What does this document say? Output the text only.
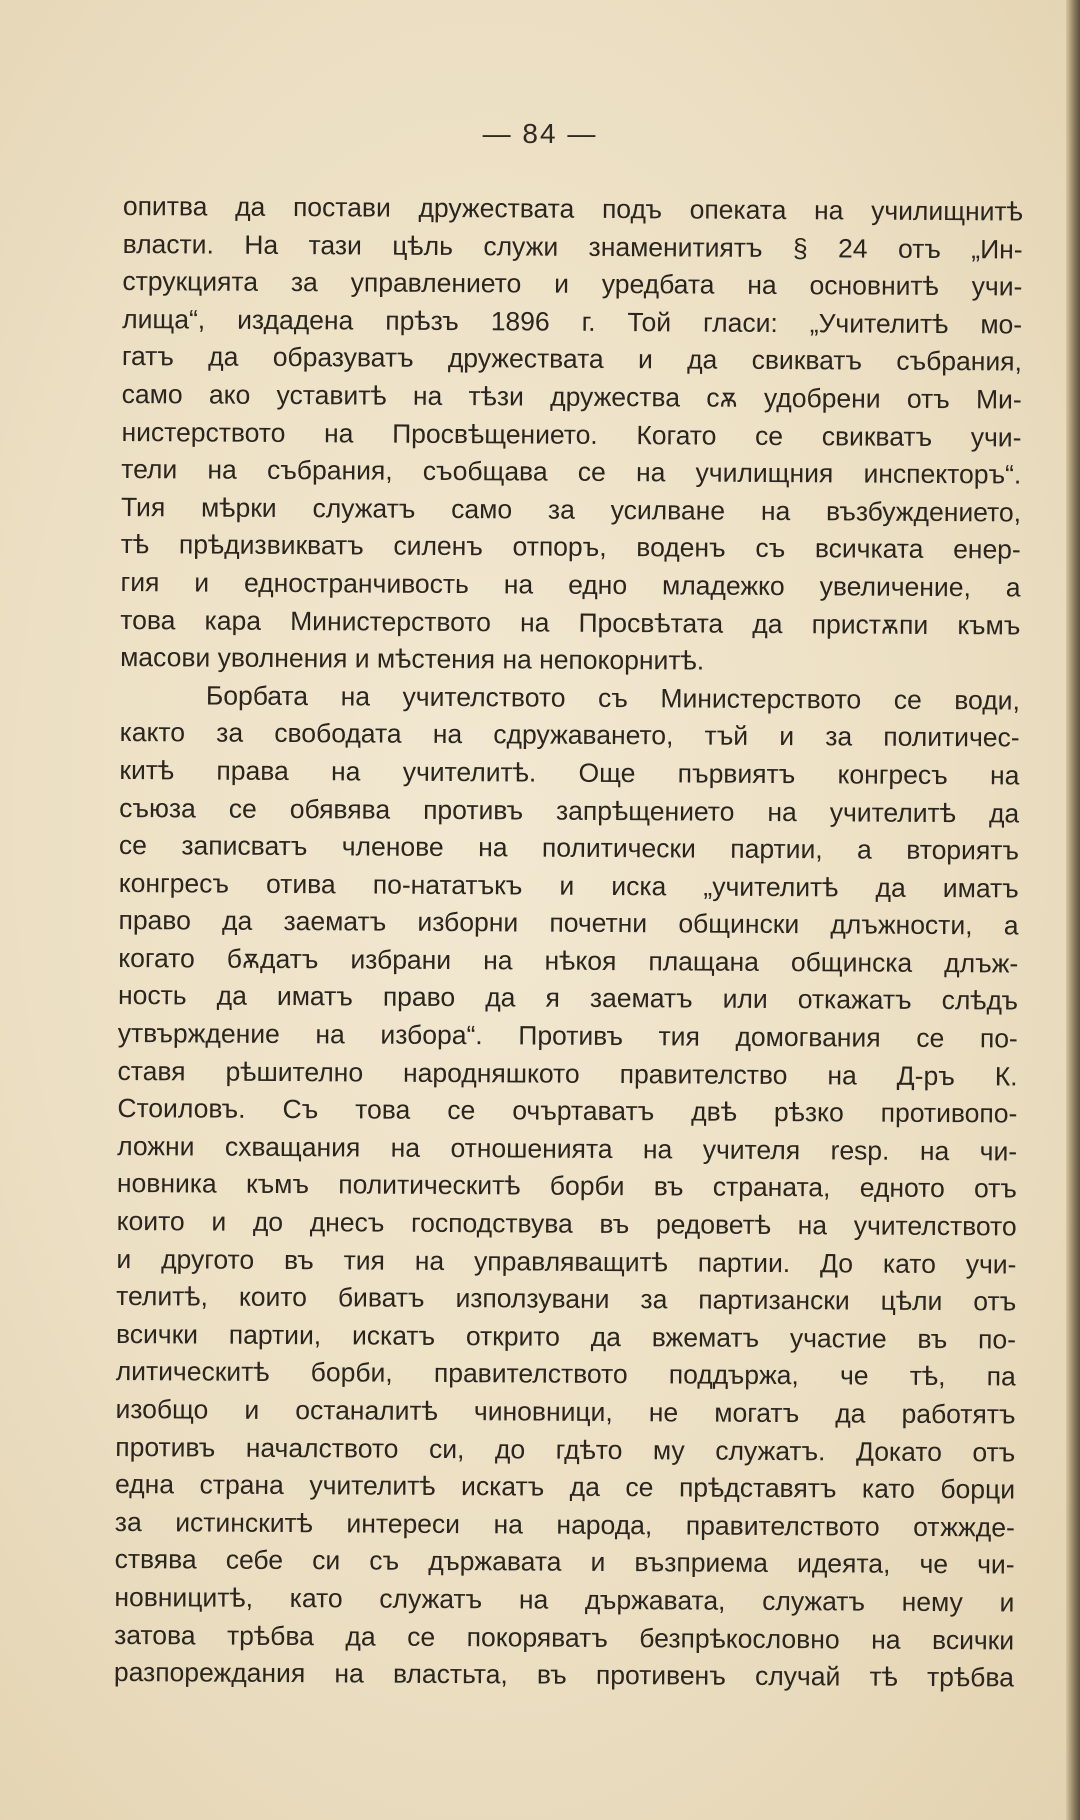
— 84 —
опитва да постави дружествата подъ опеката на училищнитѣ
власти. На тази цѣль служи знаменитиятъ § 24 отъ „Ин-
струкцията за управлението и уредбата на основнитѣ учи-
лища“, издадена прѣзъ 1896 г. Той гласи: „Учителитѣ мо-
гатъ да образуватъ дружествата и да свикватъ събрания,
само ако уставитѣ на тѣзи дружества сѫ удобрени отъ Ми-
нистерството на Просвѣщението. Когато се свикватъ учи-
тели на събрания, съобщава се на училищния инспекторъ“.
Тия мѣрки служатъ само за усилване на възбуждението,
тѣ прѣдизвикватъ силенъ отпоръ, воденъ съ всичката енер-
гия и еднострaнчивость на едно младежко увеличение, а
това кара Министерството на Просвѣтата да пристѫпи къмъ
масови уволнения и мѣстения на непокорнитѣ.
Борбата на учителството съ Министерството се води,
както за свободата на сдружаването, тъй и за политичес-
китѣ права на учителитѣ. Още първиятъ конгресъ на
съюза се обявява противъ запрѣщението на учителитѣ да
се записватъ членове на политически партии, а вториятъ
конгресъ отива по-нататъкъ и иска „учителитѣ да иматъ
право да заематъ изборни почетни общински длъжности, а
когато бѫдатъ избрани на нѣкоя плащана общинска длъж-
ность да иматъ право да я заематъ или откажатъ слѣдъ
утвърждение на избора“. Противъ тия домогвания се по-
ставя рѣшително народняшкото правителство на Д-ръ К.
Стоиловъ. Съ това се очъртаватъ двѣ рѣзко противопо-
ложни схващания на отношенията на учителя resp. на чи-
новника къмъ политическитѣ борби въ страната, едното отъ
които и до днесъ господствува въ редоветѣ на учителството
и другото въ тия на управляващитѣ партии. До като учи-
телитѣ, които биватъ използувани за партизански цѣли отъ
всички партии, искатъ открито да вжематъ участие въ по-
литическитѣ борби, правителството поддържа, че тѣ, па
изобщо и останалитѣ чиновници, не могатъ да работятъ
противъ началството си, до гдѣто му служатъ. Докато отъ
една страна учителитѣ искатъ да се прѣдставятъ като борци
за истинскитѣ интереси на народа, правителството отжжде-
ствява себе си съ държавата и възприема идеята, че чи-
новницитѣ, като служатъ на държавата, служатъ нему и
затова трѣбва да се покоряватъ безпрѣкословно на всички
разпореждания на властьта, въ противенъ случай тѣ трѣбва
